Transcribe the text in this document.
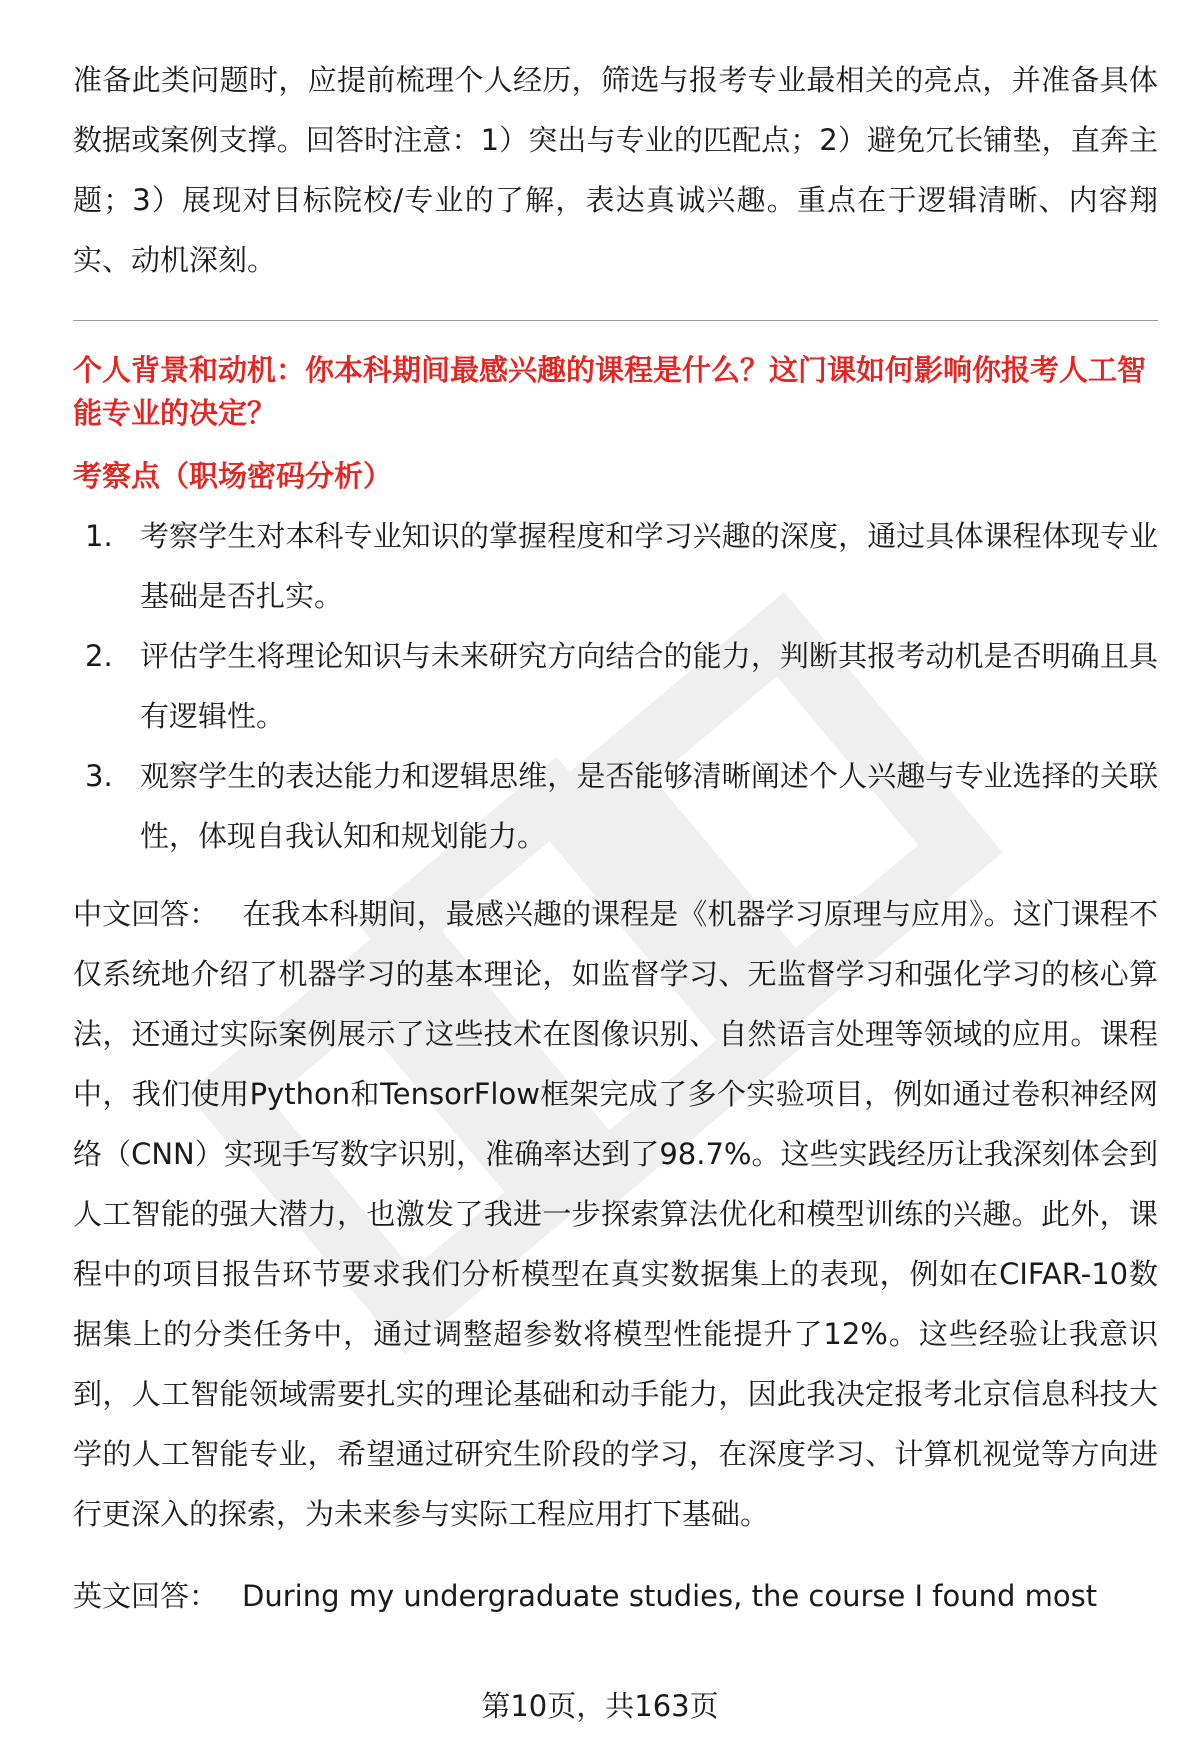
准备此类问题时，应提前梳理个人经历，筛选与报考专业最相关的亮点，并准备具体数据或案例支撑。回答时注意：1）突出与专业的匹配点；2）避免冗长铺垫，直奔主题；3）展现对目标院校/专业的了解，表达真诚兴趣。重点在于逻辑清晰、内容翔实、动机深刻。

个人背景和动机：你本科期间最感兴趣的课程是什么？这门课如何影响你报考人工智能专业的决定？

考察点（职场密码分析）

1. 考察学生对本科专业知识的掌握程度和学习兴趣的深度，通过具体课程体现专业基础是否扎实。
2. 评估学生将理论知识与未来研究方向结合的能力，判断其报考动机是否明确且具有逻辑性。
3. 观察学生的表达能力和逻辑思维，是否能够清晰阐述个人兴趣与专业选择的关联性，体现自我认知和规划能力。

中文回答： 在我本科期间，最感兴趣的课程是《机器学习原理与应用》。这门课程不仅系统地介绍了机器学习的基本理论，如监督学习、无监督学习和强化学习的核心算法，还通过实际案例展示了这些技术在图像识别、自然语言处理等领域的应用。课程中，我们使用Python和TensorFlow框架完成了多个实验项目，例如通过卷积神经网络（CNN）实现手写数字识别，准确率达到了98.7%。这些实践经历让我深刻体会到人工智能的强大潜力，也激发了我进一步探索算法优化和模型训练的兴趣。此外，课程中的项目报告环节要求我们分析模型在真实数据集上的表现，例如在CIFAR-10数据集上的分类任务中，通过调整超参数将模型性能提升了12%。这些经验让我意识到，人工智能领域需要扎实的理论基础和动手能力，因此我决定报考北京信息科技大学的人工智能专业，希望通过研究生阶段的学习，在深度学习、计算机视觉等方向进行更深入的探索，为未来参与实际工程应用打下基础。

英文回答： During my undergraduate studies, the course I found most

第10页，共163页
